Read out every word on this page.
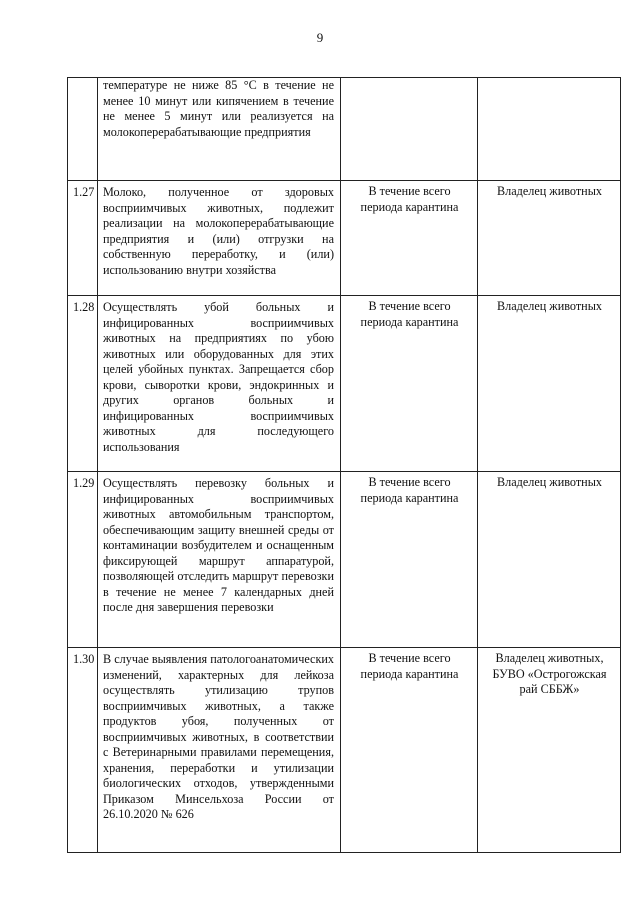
9
	температуре не ниже 85 °С в течение не менее 10 минут или кипячением в течение не менее 5 минут или реализуется на молокоперерабатывающие предприятия		
1.27	Молоко, полученное от здоровых восприимчивых животных, подлежит реализации на молокоперерабатывающие предприятия и (или) отгрузки на собственную переработку, и (или) использованию внутри хозяйства	В течение всего периода карантина	Владелец животных
1.28	Осуществлять убой больных и инфицированных восприимчивых животных на предприятиях по убою животных или оборудованных для этих целей убойных пунктах. Запрещается сбор крови, сыворотки крови, эндокринных и других органов больных и инфицированных восприимчивых животных для последующего использования	В течение всего периода карантина	Владелец животных
1.29	Осуществлять перевозку больных и инфицированных восприимчивых животных автомобильным транспортом, обеспечивающим защиту внешней среды от контаминации возбудителем и оснащенным фиксирующей маршрут аппаратурой, позволяющей отследить маршрут перевозки в течение не менее 7 календарных дней после дня завершения перевозки	В течение всего периода карантина	Владелец животных
1.30	В случае выявления патологоанатомических изменений, характерных для лейкоза осуществлять утилизацию трупов восприимчивых животных, а также продуктов убоя, полученных от восприимчивых животных, в соответствии с Ветеринарными правилами перемещения, хранения, переработки и утилизации биологических отходов, утвержденными Приказом Минсельхоза России от 26.10.2020 № 626	В течение всего периода карантина	Владелец животных, БУВО «Острогожская рай СББЖ»
